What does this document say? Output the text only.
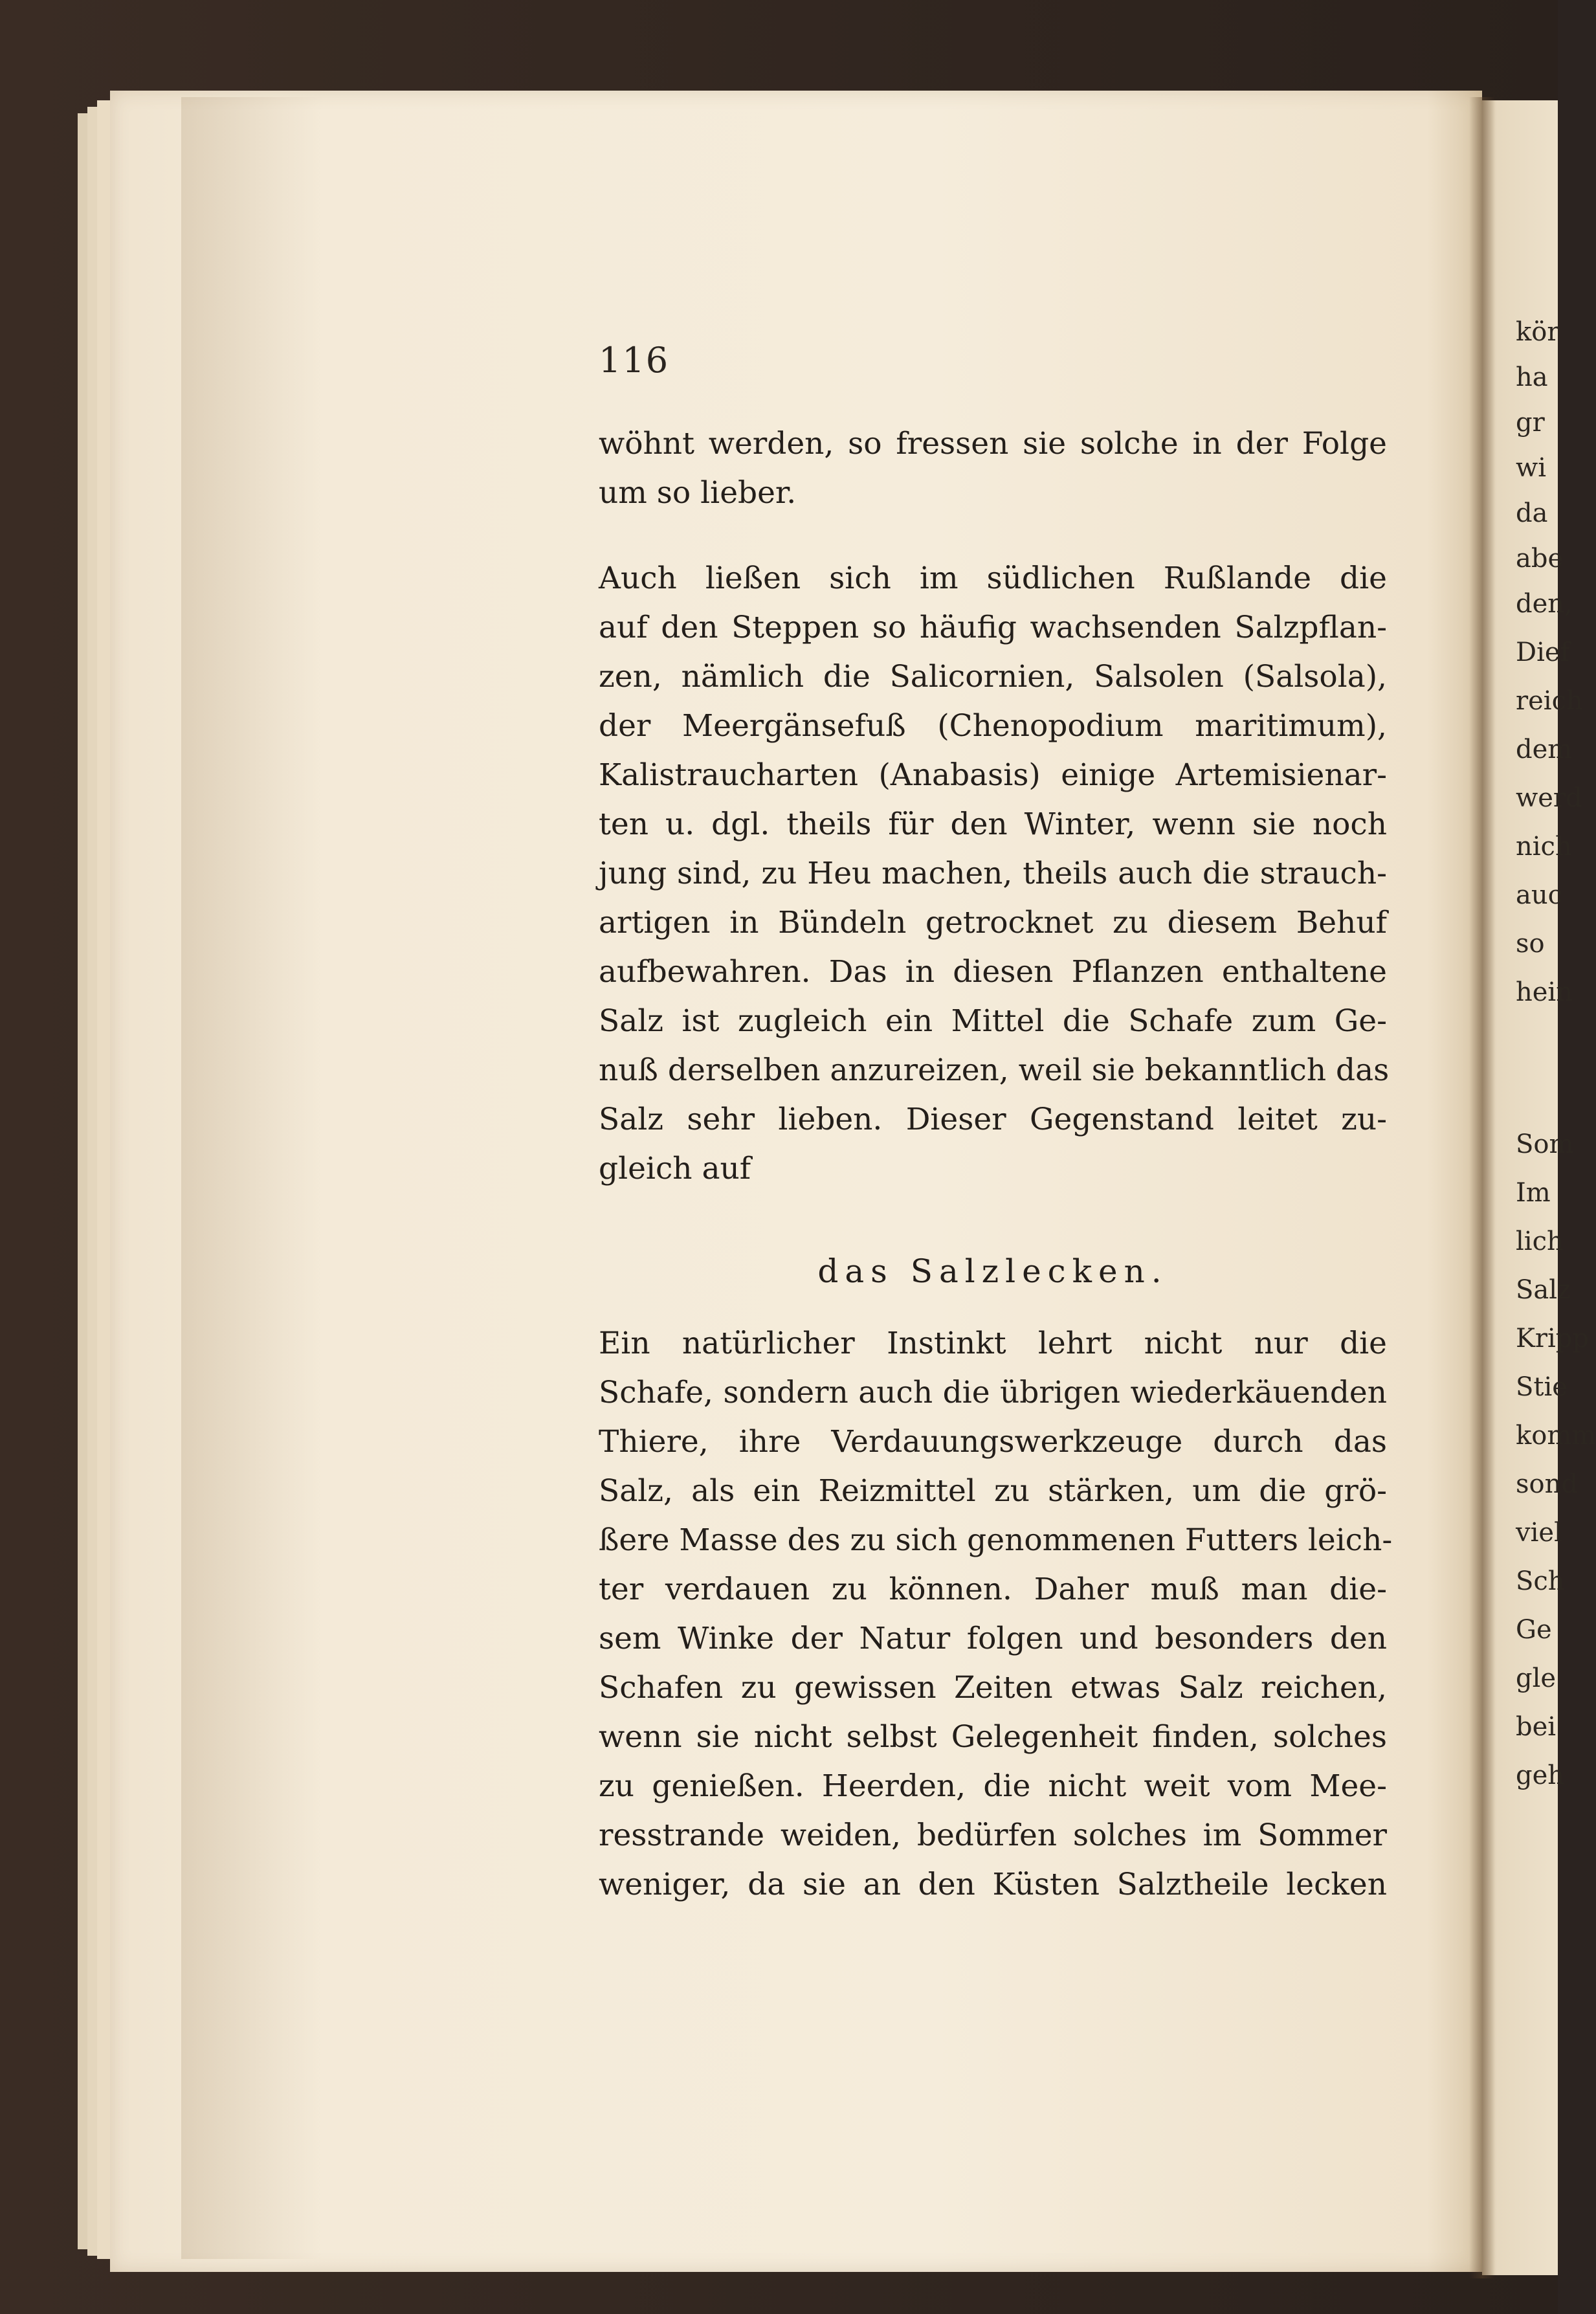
kör
ha
gr
wi
da
abe
den,
Dief
reich
dem
werd
nich
auc
so
hein
Som
Im
lich
Salz
Kripp
Stie
komm
sond
viel
Sch
Ge
gle
bei
geh
116
wöhnt werden, so fressen sie solche in der Folge
um so lieber.
Auch ließen sich im südlichen Rußlande die
auf den Steppen so häufig wachsenden Salzpflan-
zen, nämlich die Salicornien, Salsolen (Salsola),
der Meergänsefuß (Chenopodium maritimum),
Kalistraucharten (Anabasis) einige Artemisienar-
ten u. dgl. theils für den Winter, wenn sie noch
jung sind, zu Heu machen, theils auch die strauch-
artigen in Bündeln getrocknet zu diesem Behuf
aufbewahren. Das in diesen Pflanzen enthaltene
Salz ist zugleich ein Mittel die Schafe zum Ge-
nuß derselben anzureizen, weil sie bekanntlich das
Salz sehr lieben. Dieser Gegenstand leitet zu-
gleich auf
das Salzlecken.
Ein natürlicher Instinkt lehrt nicht nur die
Schafe, sondern auch die übrigen wiederkäuenden
Thiere, ihre Verdauungswerkzeuge durch das
Salz, als ein Reizmittel zu stärken, um die grö-
ßere Masse des zu sich genommenen Futters leich-
ter verdauen zu können. Daher muß man die-
sem Winke der Natur folgen und besonders den
Schafen zu gewissen Zeiten etwas Salz reichen,
wenn sie nicht selbst Gelegenheit finden, solches
zu genießen. Heerden, die nicht weit vom Mee-
resstrande weiden, bedürfen solches im Sommer
weniger, da sie an den Küsten Salztheile lecken
